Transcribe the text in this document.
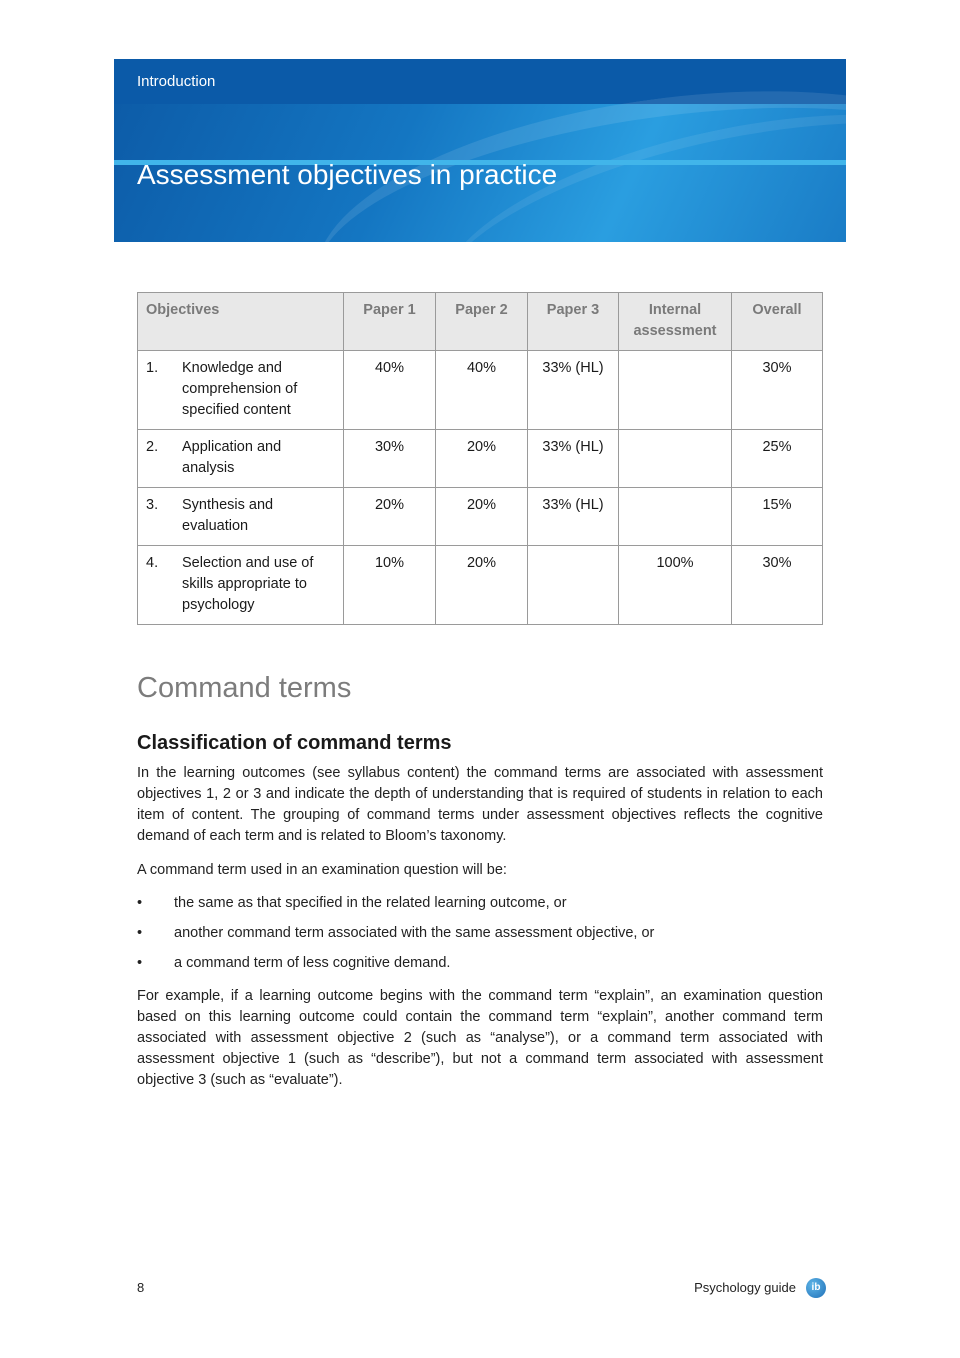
Introduction
Assessment objectives in practice
Objectives	Paper 1	Paper 2	Paper 3	Internal assessment	Overall
1. Knowledge and comprehension of specified content	40%	40%	33% (HL)		30%
2. Application and analysis	30%	20%	33% (HL)		25%
3. Synthesis and evaluation	20%	20%	33% (HL)		15%
4. Selection and use of skills appropriate to psychology	10%	20%		100%	30%
Command terms
Classification of command terms

In the learning outcomes (see syllabus content) the command terms are associated with assessment objectives 1, 2 or 3 and indicate the depth of understanding that is required of students in relation to each item of content. The grouping of command terms under assessment objectives reflects the cognitive demand of each term and is related to Bloom’s taxonomy.

A command term used in an examination question will be:

• the same as that specified in the related learning outcome, or
• another command term associated with the same assessment objective, or
• a command term of less cognitive demand.

For example, if a learning outcome begins with the command term “explain”, an examination question based on this learning outcome could contain the command term “explain”, another command term associated with assessment objective 2 (such as “analyse”), or a command term associated with assessment objective 1 (such as “describe”), but not a command term associated with assessment objective 3 (such as “evaluate”).

8	Psychology guide	ib
